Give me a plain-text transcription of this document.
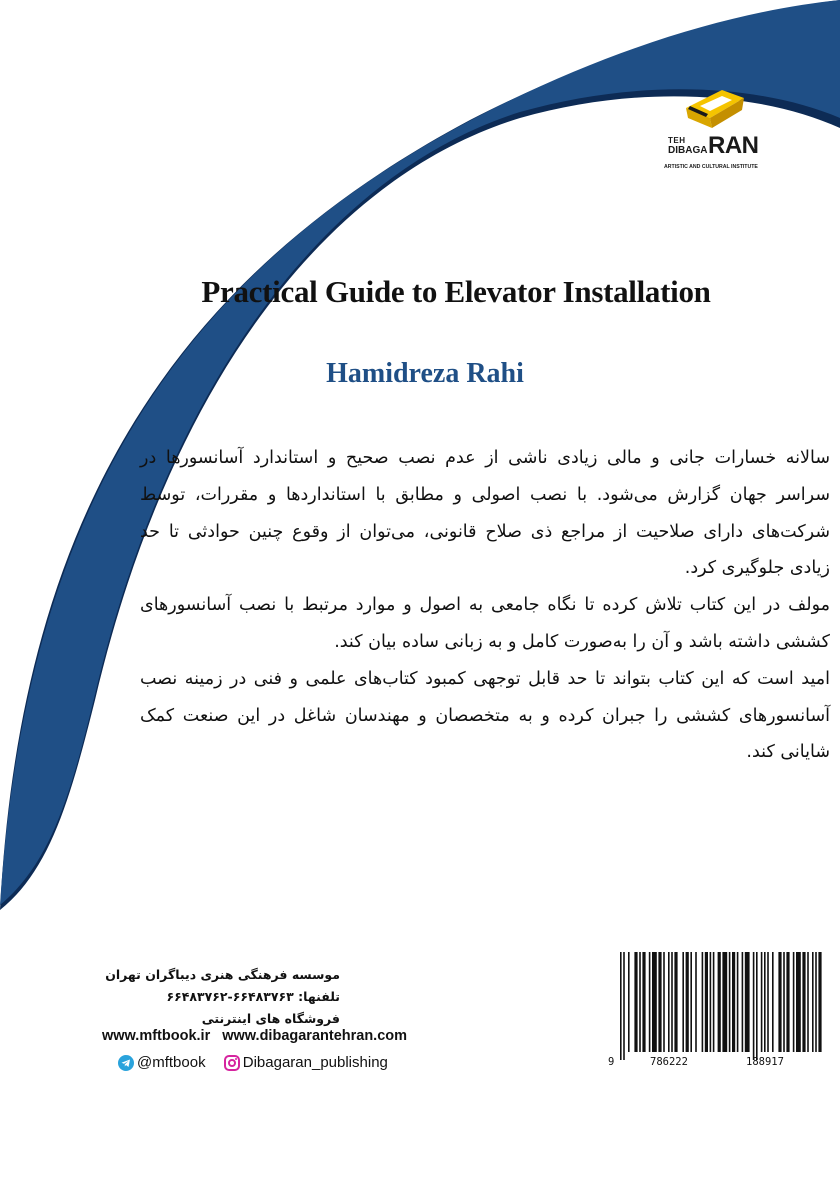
TEH
DIBAGA RAN
ARTISTIC AND CULTURAL INSTITUTE
Practical Guide to Elevator Installation
Hamidreza Rahi

سالانه خسارات جانی و مالی زیادی ناشی از عدم نصب صحیح و استاندارد آسانسورها در سراسر جهان گزارش می‌شود. با نصب اصولی و مطابق با استانداردها و مقررات، توسط شرکت‌های دارای صلاحیت از مراجع ذی صلاح قانونی، می‌توان از وقوع چنین حوادثی تا حد زیادی جلوگیری کرد.

مولف در این کتاب تلاش کرده تا نگاه جامعی به اصول و موارد مرتبط با نصب آسانسورهای کششی داشته باشد و آن را به‌صورت کامل و به زبانی ساده بیان کند.

امید است که این کتاب بتواند تا حد قابل توجهی کمبود کتاب‌های علمی و فنی در زمینه نصب آسانسورهای کششی را جبران کرده و به متخصصان و مهندسان شاغل در این صنعت کمک شایانی کند.

موسسه فرهنگی هنری دیباگران تهران
تلفنها: ۶۶۴۸۳۷۶۳-۶۶۴۸۳۷۶۲
فروشگاه های اینترنتی
www.mftbook.ir www.dibagarantehran.com
@mftbook
Dibagaran_publishing	9	786222	188917
